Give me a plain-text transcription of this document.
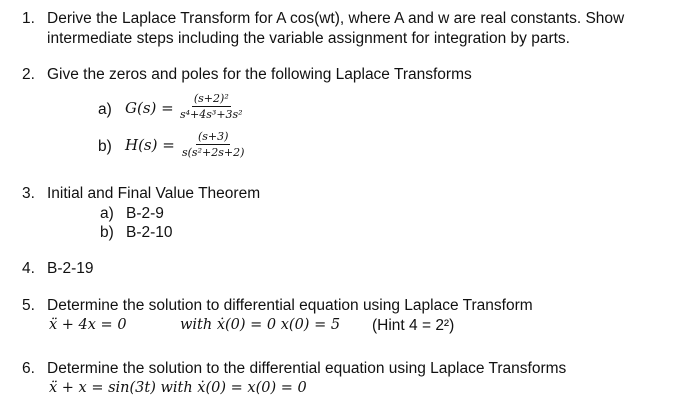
1. Derive the Laplace Transform for A cos(wt), where A and w are real constants. Show
intermediate steps including the variable assignment for integration by parts.
2. Give the zeros and poles for the following Laplace Transforms
a) $G(s) = \frac{\text{(s+2)²}}{\text{s⁴+4s³+3s²}}$
b) $H(s) = \frac{(s+3)}{\text{s(s²+2s+2)}}$
3. Initial and Final Value Theorem
a) B-2-9
b) B-2-10
4. B-2-19
5. Determine the solution to differential equation using Laplace Transform
ẍ + 4x = 0	with ẋ(0) = 0 x(0) = 5 (Hint 4 = 2²)
6. Determine the solution to the differential equation using Laplace Transforms
ẍ + x = sin(3t) with ẋ(0) = x(0) = 0
